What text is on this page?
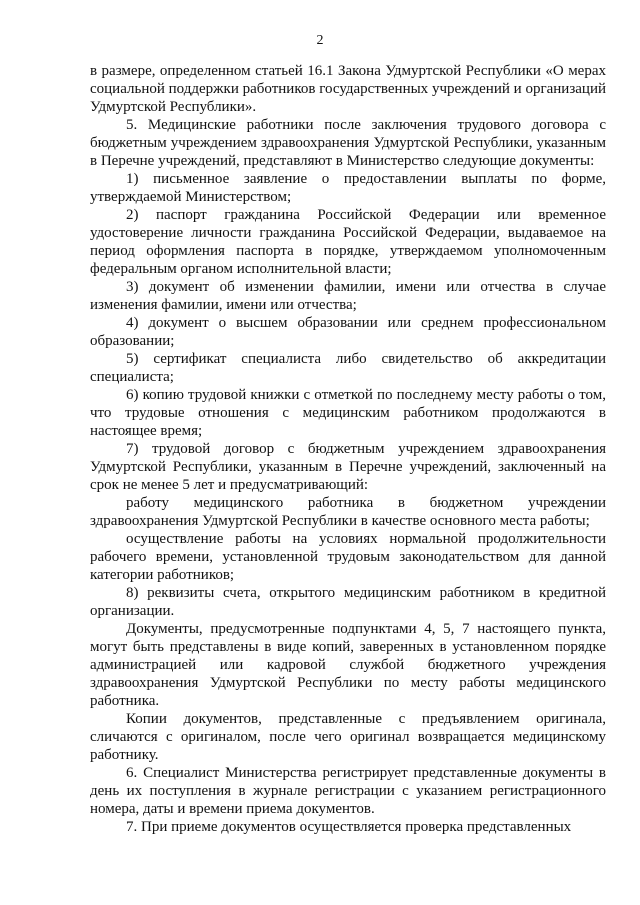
2

в размере, определенном статьей 16.1 Закона Удмуртской Республики «О мерах социальной поддержки работников государственных учреждений и организаций Удмуртской Республики».

5. Медицинские работники после заключения трудового договора с бюджетным учреждением здравоохранения Удмуртской Республики, указанным в Перечне учреждений, представляют в Министерство следующие документы:

1) письменное заявление о предоставлении выплаты по форме, утверждаемой Министерством;

2) паспорт гражданина Российской Федерации или временное удостоверение личности гражданина Российской Федерации, выдаваемое на период оформления паспорта в порядке, утверждаемом уполномоченным федеральным органом исполнительной власти;

3) документ об изменении фамилии, имени или отчества в случае изменения фамилии, имени или отчества;

4) документ о высшем образовании или среднем профессиональном образовании;

5) сертификат специалиста либо свидетельство об аккредитации специалиста;

6) копию трудовой книжки с отметкой по последнему месту работы о том, что трудовые отношения с медицинским работником продолжаются в настоящее время;

7) трудовой договор с бюджетным учреждением здравоохранения Удмуртской Республики, указанным в Перечне учреждений, заключенный на срок не менее 5 лет и предусматривающий:

работу медицинского работника в бюджетном учреждении здравоохранения Удмуртской Республики в качестве основного места работы;

осуществление работы на условиях нормальной продолжительности рабочего времени, установленной трудовым законодательством для данной категории работников;

8) реквизиты счета, открытого медицинским работником в кредитной организации.

Документы, предусмотренные подпунктами 4, 5, 7 настоящего пункта, могут быть представлены в виде копий, заверенных в установленном порядке администрацией или кадровой службой бюджетного учреждения здравоохранения Удмуртской Республики по месту работы медицинского работника.

Копии документов, представленные с предъявлением оригинала, сличаются с оригиналом, после чего оригинал возвращается медицинскому работнику.

6. Специалист Министерства регистрирует представленные документы в день их поступления в журнале регистрации с указанием регистрационного номера, даты и времени приема документов.

7. При приеме документов осуществляется проверка представленных
